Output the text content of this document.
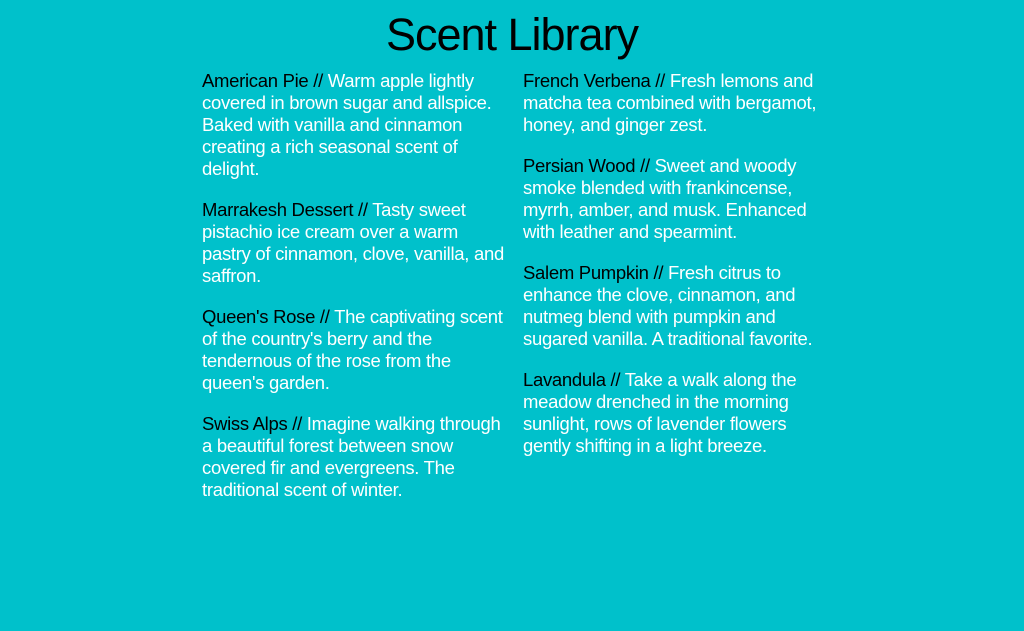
Scent Library

American Pie // Warm apple lightly covered in brown sugar and allspice. Baked with vanilla and cinnamon creating a rich seasonal scent of delight.

Marrakesh Dessert // Tasty sweet pistachio ice cream over a warm pastry of cinnamon, clove, vanilla, and saffron.

Queen's Rose // The captivating scent of the country's berry and the tendernous of the rose from the queen's garden.

Swiss Alps // Imagine walking through a beautiful forest between snow covered fir and evergreens. The traditional scent of winter.

French Verbena // Fresh lemons and matcha tea combined with bergamot, honey, and ginger zest.

Persian Wood // Sweet and woody smoke blended with frankincense, myrrh, amber, and musk. Enhanced with leather and spearmint.

Salem Pumpkin // Fresh citrus to enhance the clove, cinnamon, and nutmeg blend with pumpkin and sugared vanilla. A traditional favorite.

Lavandula // Take a walk along the meadow drenched in the morning sunlight, rows of lavender flowers gently shifting in a light breeze.
